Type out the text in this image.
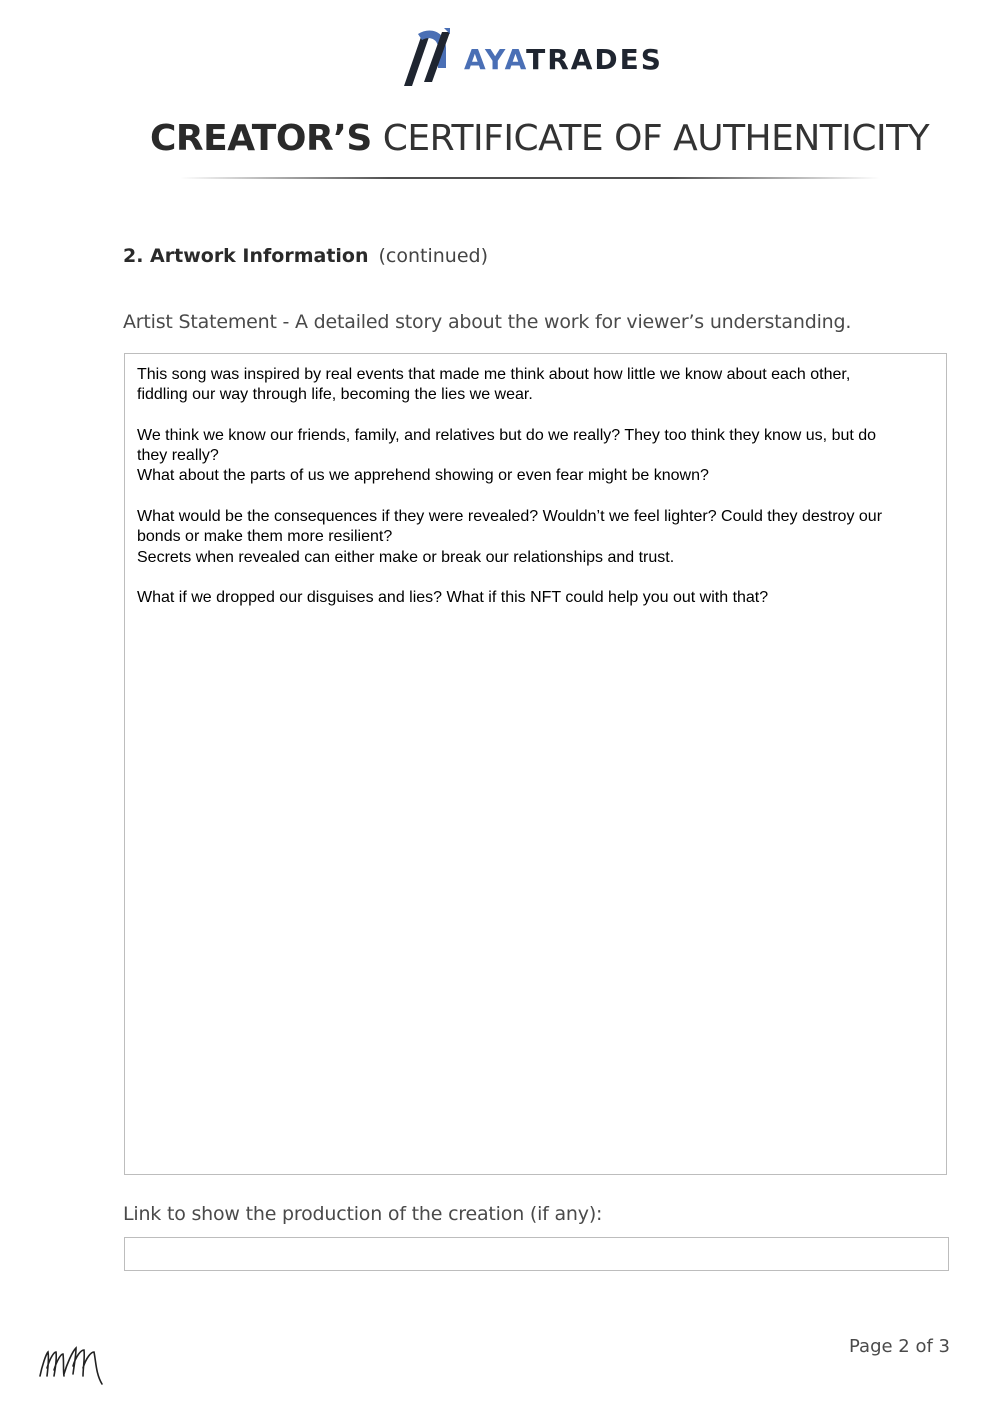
AYATRADES
CREATOR’S CERTIFICATE OF AUTHENTICITY
2. Artwork Information (continued)
Artist Statement - A detailed story about the work for viewer’s understanding.

This song was inspired by real events that made me think about how little we know about each other,
fiddling our way through life, becoming the lies we wear.

We think we know our friends, family, and relatives but do we really? They too think they know us, but do
they really?
What about the parts of us we apprehend showing or even fear might be known?

What would be the consequences if they were revealed? Wouldn’t we feel lighter? Could they destroy our
bonds or make them more resilient?
Secrets when revealed can either make or break our relationships and trust.

What if we dropped our disguises and lies? What if this NFT could help you out with that?

Link to show the production of the creation (if any):
Page 2 of 3
